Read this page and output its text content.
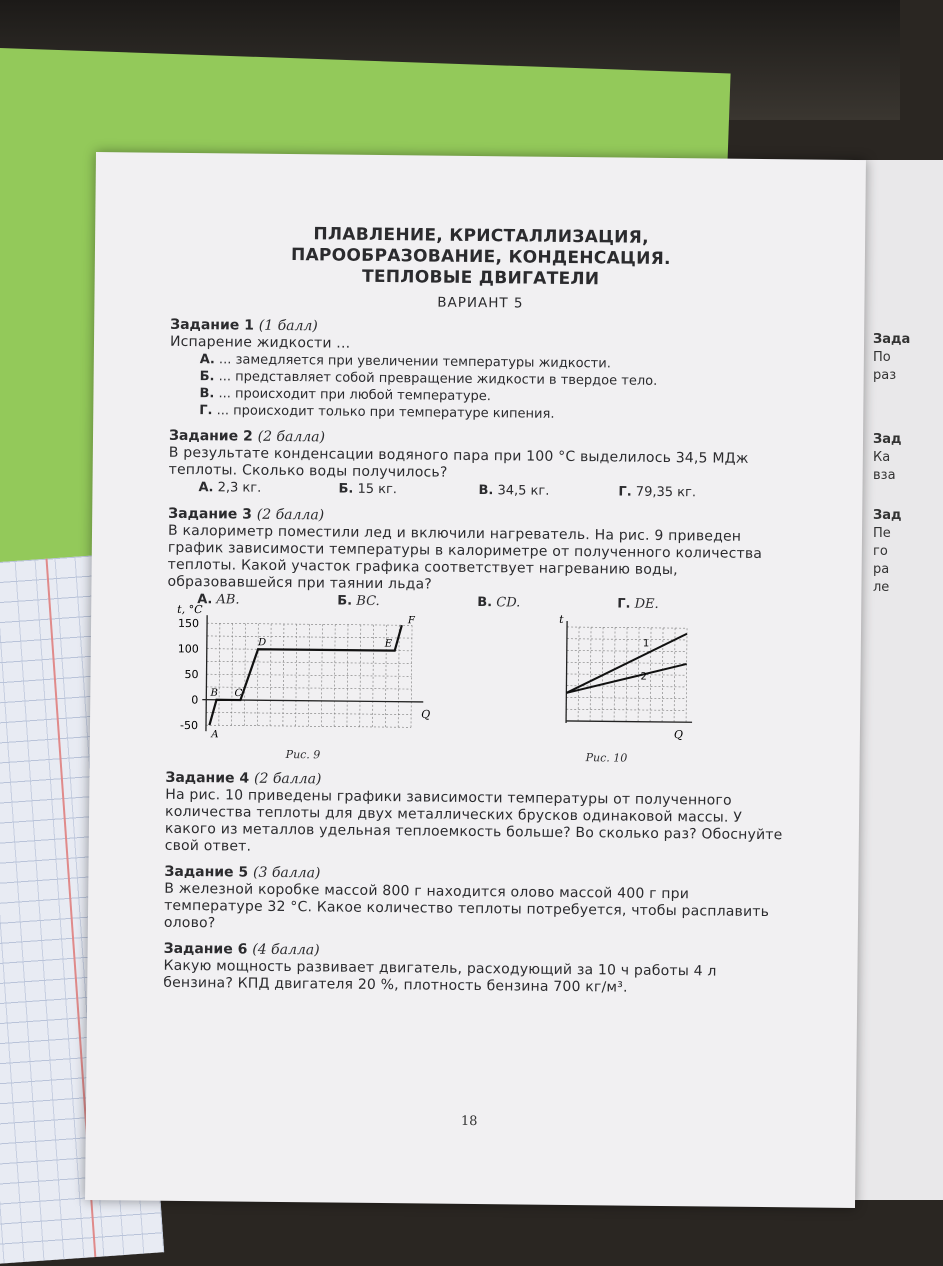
Зада
По
раз
Зад
Ка
вза
Зад
Пе
го
ра
ле
ПЛАВЛЕНИЕ, КРИСТАЛЛИЗАЦИЯ,
ПАРООБРАЗОВАНИЕ, КОНДЕНСАЦИЯ.
ТЕПЛОВЫЕ ДВИГАТЕЛИ
ВАРИАНТ 5
Задание 1 (1 балл)
Испарение жидкости ...
А. ... замедляется при увеличении температуры жидкости.
Б. ... представляет собой превращение жидкости в твердое тело.
В. ... происходит при любой температуре.
Г. ... происходит только при температуре кипения.
Задание 2 (2 балла)
В результате конденсации водяного пара при 100 °С выделилось 34,5 МДж теплоты. Сколько воды получилось?
А. 2,3 кг.	Б. 15 кг.	В. 34,5 кг.	Г. 79,35 кг.
Задание 3 (2 балла)
В калориметр поместили лед и включили нагреватель. На рис. 9 приведен график зависимости температуры в калориметре от полученного количества теплоты. Какой участок графика соответствует нагреванию воды, образовавшейся при таянии льда?
А. AB.	Б. BC.	В. CD.	Г. DE.
t, °C
Q
150
100
50
0
-50
A
B C
D	E
F
Рис. 9
t
Q
1
2
Рис. 10
Задание 4 (2 балла)
На рис. 10 приведены графики зависимости температуры от полученного количества теплоты для двух металлических брусков одинаковой массы. У какого из металлов удельная теплоемкость больше? Во сколько раз? Обоснуйте свой ответ.
Задание 5 (3 балла)
В железной коробке массой 800 г находится олово массой 400 г при температуре 32 °С. Какое количество теплоты потребуется, чтобы расплавить олово?
Задание 6 (4 балла)
Какую мощность развивает двигатель, расходующий за 10 ч работы 4 л бензина? КПД двигателя 20 %, плотность бензина 700 кг/м³.
18
